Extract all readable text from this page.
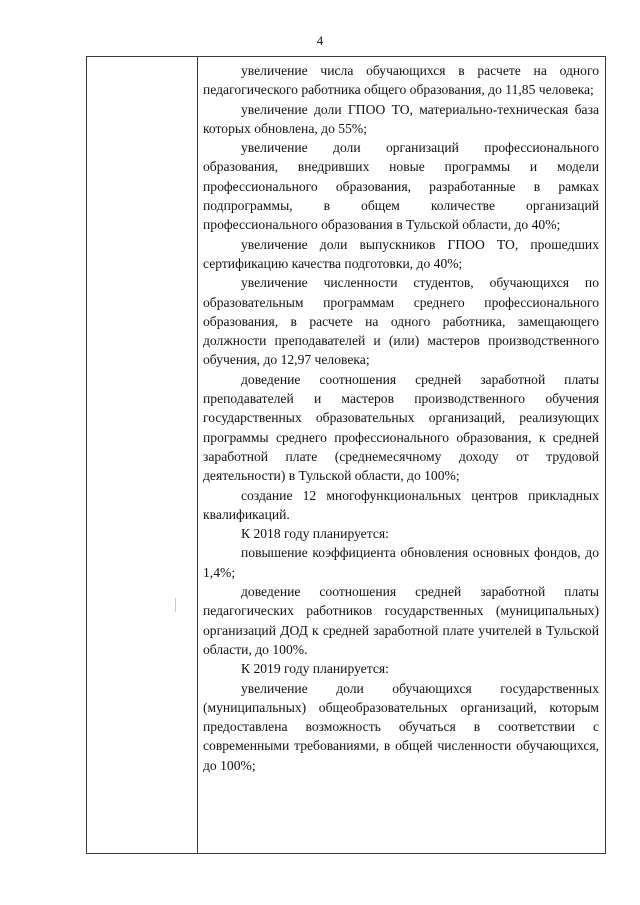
4

увеличение числа обучающихся в расчете на одного педагогического работника общего образования, до 11,85 человека;

увеличение доли ГПОО ТО, материально-техническая база которых обновлена, до 55%;

увеличение доли организаций профессионального образования, внедривших новые программы и модели профессионального образования, разработанные в рамках подпрограммы, в общем количестве организаций профессионального образования в Тульской области, до 40%;

увеличение доли выпускников ГПОО ТО, прошедших сертификацию качества подготовки, до 40%;

увеличение численности студентов, обучающихся по образовательным программам среднего профессионального образования, в расчете на одного работника, замещающего должности преподавателей и (или) мастеров производственного обучения, до 12,97 человека;

доведение соотношения средней заработной платы преподавателей и мастеров производственного обучения государственных образовательных организаций, реализующих программы среднего профессионального образования, к средней заработной плате (среднемесячному доходу от трудовой деятельности) в Тульской области, до 100%;

создание 12 многофункциональных центров прикладных квалификаций.

К 2018 году планируется:

повышение коэффициента обновления основных фондов, до 1,4%;

доведение соотношения средней заработной платы педагогических работников государственных (муниципальных) организаций ДОД к средней заработной плате учителей в Тульской области, до 100%.

К 2019 году планируется:

увеличение доли обучающихся государственных (муниципальных) общеобразовательных организаций, которым предоставлена возможность обучаться в соответствии с современными требованиями, в общей численности обучающихся, до 100%;
